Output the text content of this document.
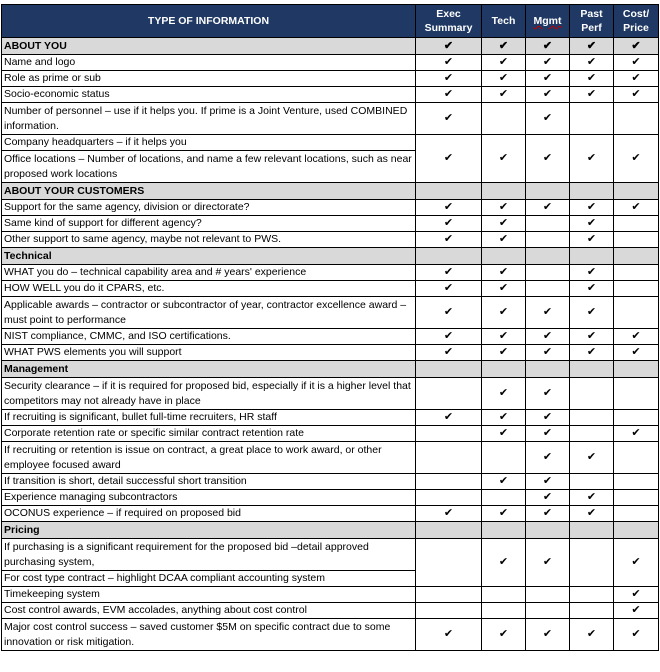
TYPE OF INFORMATION	Exec Summary	Tech	Mgmt	Past Perf	Cost/ Price
ABOUT YOU	✔	✔	✔	✔	✔
Name and logo	✔	✔	✔	✔	✔
Role as prime or sub	✔	✔	✔	✔	✔
Socio-economic status	✔	✔	✔	✔	✔
Number of personnel – use if it helps you. If prime is a Joint Venture, used COMBINED information.	✔		✔		
Company headquarters – if it helps you	✔	✔	✔	✔	✔
Office locations – Number of locations, and name a few relevant locations, such as near proposed work locations					
ABOUT YOUR CUSTOMERS					
Support for the same agency, division or directorate?	✔	✔	✔	✔	✔
Same kind of support for different agency?	✔	✔		✔	
Other support to same agency, maybe not relevant to PWS.	✔	✔		✔	
Technical					
WHAT you do – technical capability area and # years' experience	✔	✔		✔	
HOW WELL you do it CPARS, etc.	✔	✔		✔	
Applicable awards – contractor or subcontractor of year, contractor excellence award – must point to performance	✔	✔	✔	✔	
NIST compliance, CMMC, and ISO certifications.	✔	✔	✔	✔	✔
WHAT PWS elements you will support	✔	✔	✔	✔	✔
Management					
Security clearance – if it is required for proposed bid, especially if it is a higher level that competitors may not already have in place		✔	✔		
If recruiting is significant, bullet full-time recruiters, HR staff	✔	✔	✔		
Corporate retention rate or specific similar contract retention rate		✔	✔		✔
If recruiting or retention is issue on contract, a great place to work award, or other employee focused award			✔	✔	
If transition is short, detail successful short transition		✔	✔		
Experience managing subcontractors			✔	✔	
OCONUS experience – if required on proposed bid	✔	✔	✔	✔	
Pricing					
If purchasing is a significant requirement for the proposed bid –detail approved purchasing system,		✔	✔		✔
For cost type contract – highlight DCAA compliant accounting system					
Timekeeping system					✔
Cost control awards, EVM accolades, anything about cost control					✔
Major cost control success – saved customer $5M on specific contract due to some innovation or risk mitigation.	✔	✔	✔	✔	✔
